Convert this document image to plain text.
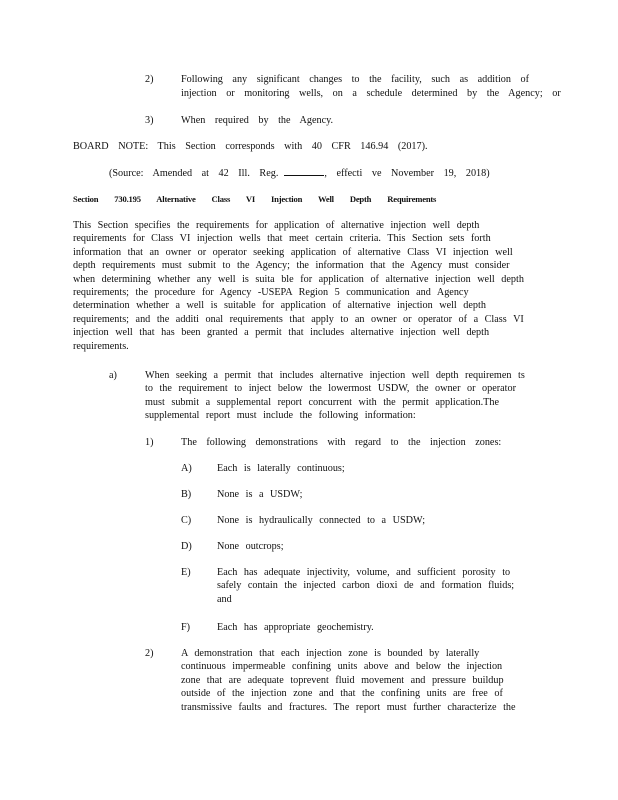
2)	Following any significant changes to the facility, such as addition of
injection or monitoring wells, on a schedule determined by the Agency; or
3)	When required by the Agency.
BOARD NOTE: This Section corresponds with 40 CFR 146.94 (2017).
(Source: Amended at 42 Ill. Reg.	, effecti ve November 19, 2018)
Section 730.195 Alternative Class VI Injection Well Depth Requirements
This Section specifies the requirements for application of alternative injection well depth
requirements for Class VI injection wells that meet certain criteria. This Section sets forth
information that an owner or operator seeking application of alternative Class VI injection well
depth requirements must submit to the Agency; the information that the Agency must consider
when determining whether any well is suita ble for application of alternative injection well depth
requirements; the procedure for Agency -USEPA Region 5 communication and Agency
determination whether a well is suitable for application of alternative injection well depth
requirements; and the additi onal requirements that apply to an owner or operator of a Class VI
injection well that has been granted a permit that includes alternative injection well depth
requirements.
a)	When seeking a permit that includes alternative injection well depth requiremen ts
to the requirement to inject below the lowermost USDW, the owner or operator
must submit a supplemental report concurrent with the permit application.The
supplemental report must include the following information:
1)	The following demonstrations with regard to the injection zones:
A) Each is laterally continuous;
B)	None is a USDW;
C)	None is hydraulically connected to a USDW;
D) None outcrops;
E)	Each has adequate injectivity, volume, and sufficient porosity to
safely contain the injected carbon dioxi de and formation fluids;
and
F)	Each has appropriate geochemistry.
2)	A demonstration that each injection zone is bounded by laterally
continuous impermeable confining units above and below the injection
zone that are adequate toprevent fluid movement and pressure buildup
outside of the injection zone and that the confining units are free of
transmissive faults and fractures. The report must further characterize the
